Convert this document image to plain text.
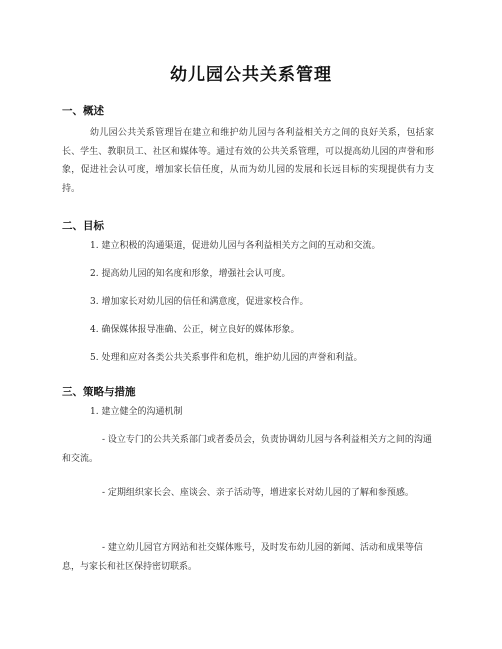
幼儿园公共关系管理
一、概述
幼儿园公共关系管理旨在建立和维护幼儿园与各利益相关方之间的良好关系，包括家长、学生、教职员工、社区和媒体等。通过有效的公共关系管理，可以提高幼儿园的声誉和形象，促进社会认可度，增加家长信任度，从而为幼儿园的发展和长远目标的实现提供有力支持。
二、目标
1. 建立积极的沟通渠道，促进幼儿园与各利益相关方之间的互动和交流。
2. 提高幼儿园的知名度和形象，增强社会认可度。
3. 增加家长对幼儿园的信任和满意度，促进家校合作。
4. 确保媒体报导准确、公正，树立良好的媒体形象。
5. 处理和应对各类公共关系事件和危机，维护幼儿园的声誉和利益。
三、策略与措施
1. 建立健全的沟通机制
- 设立专门的公共关系部门或者委员会，负责协调幼儿园与各利益相关方之间的沟通和交流。
- 定期组织家长会、座谈会、亲子活动等，增进家长对幼儿园的了解和参预感。
- 建立幼儿园官方网站和社交媒体账号，及时发布幼儿园的新闻、活动和成果等信息，与家长和社区保持密切联系。
